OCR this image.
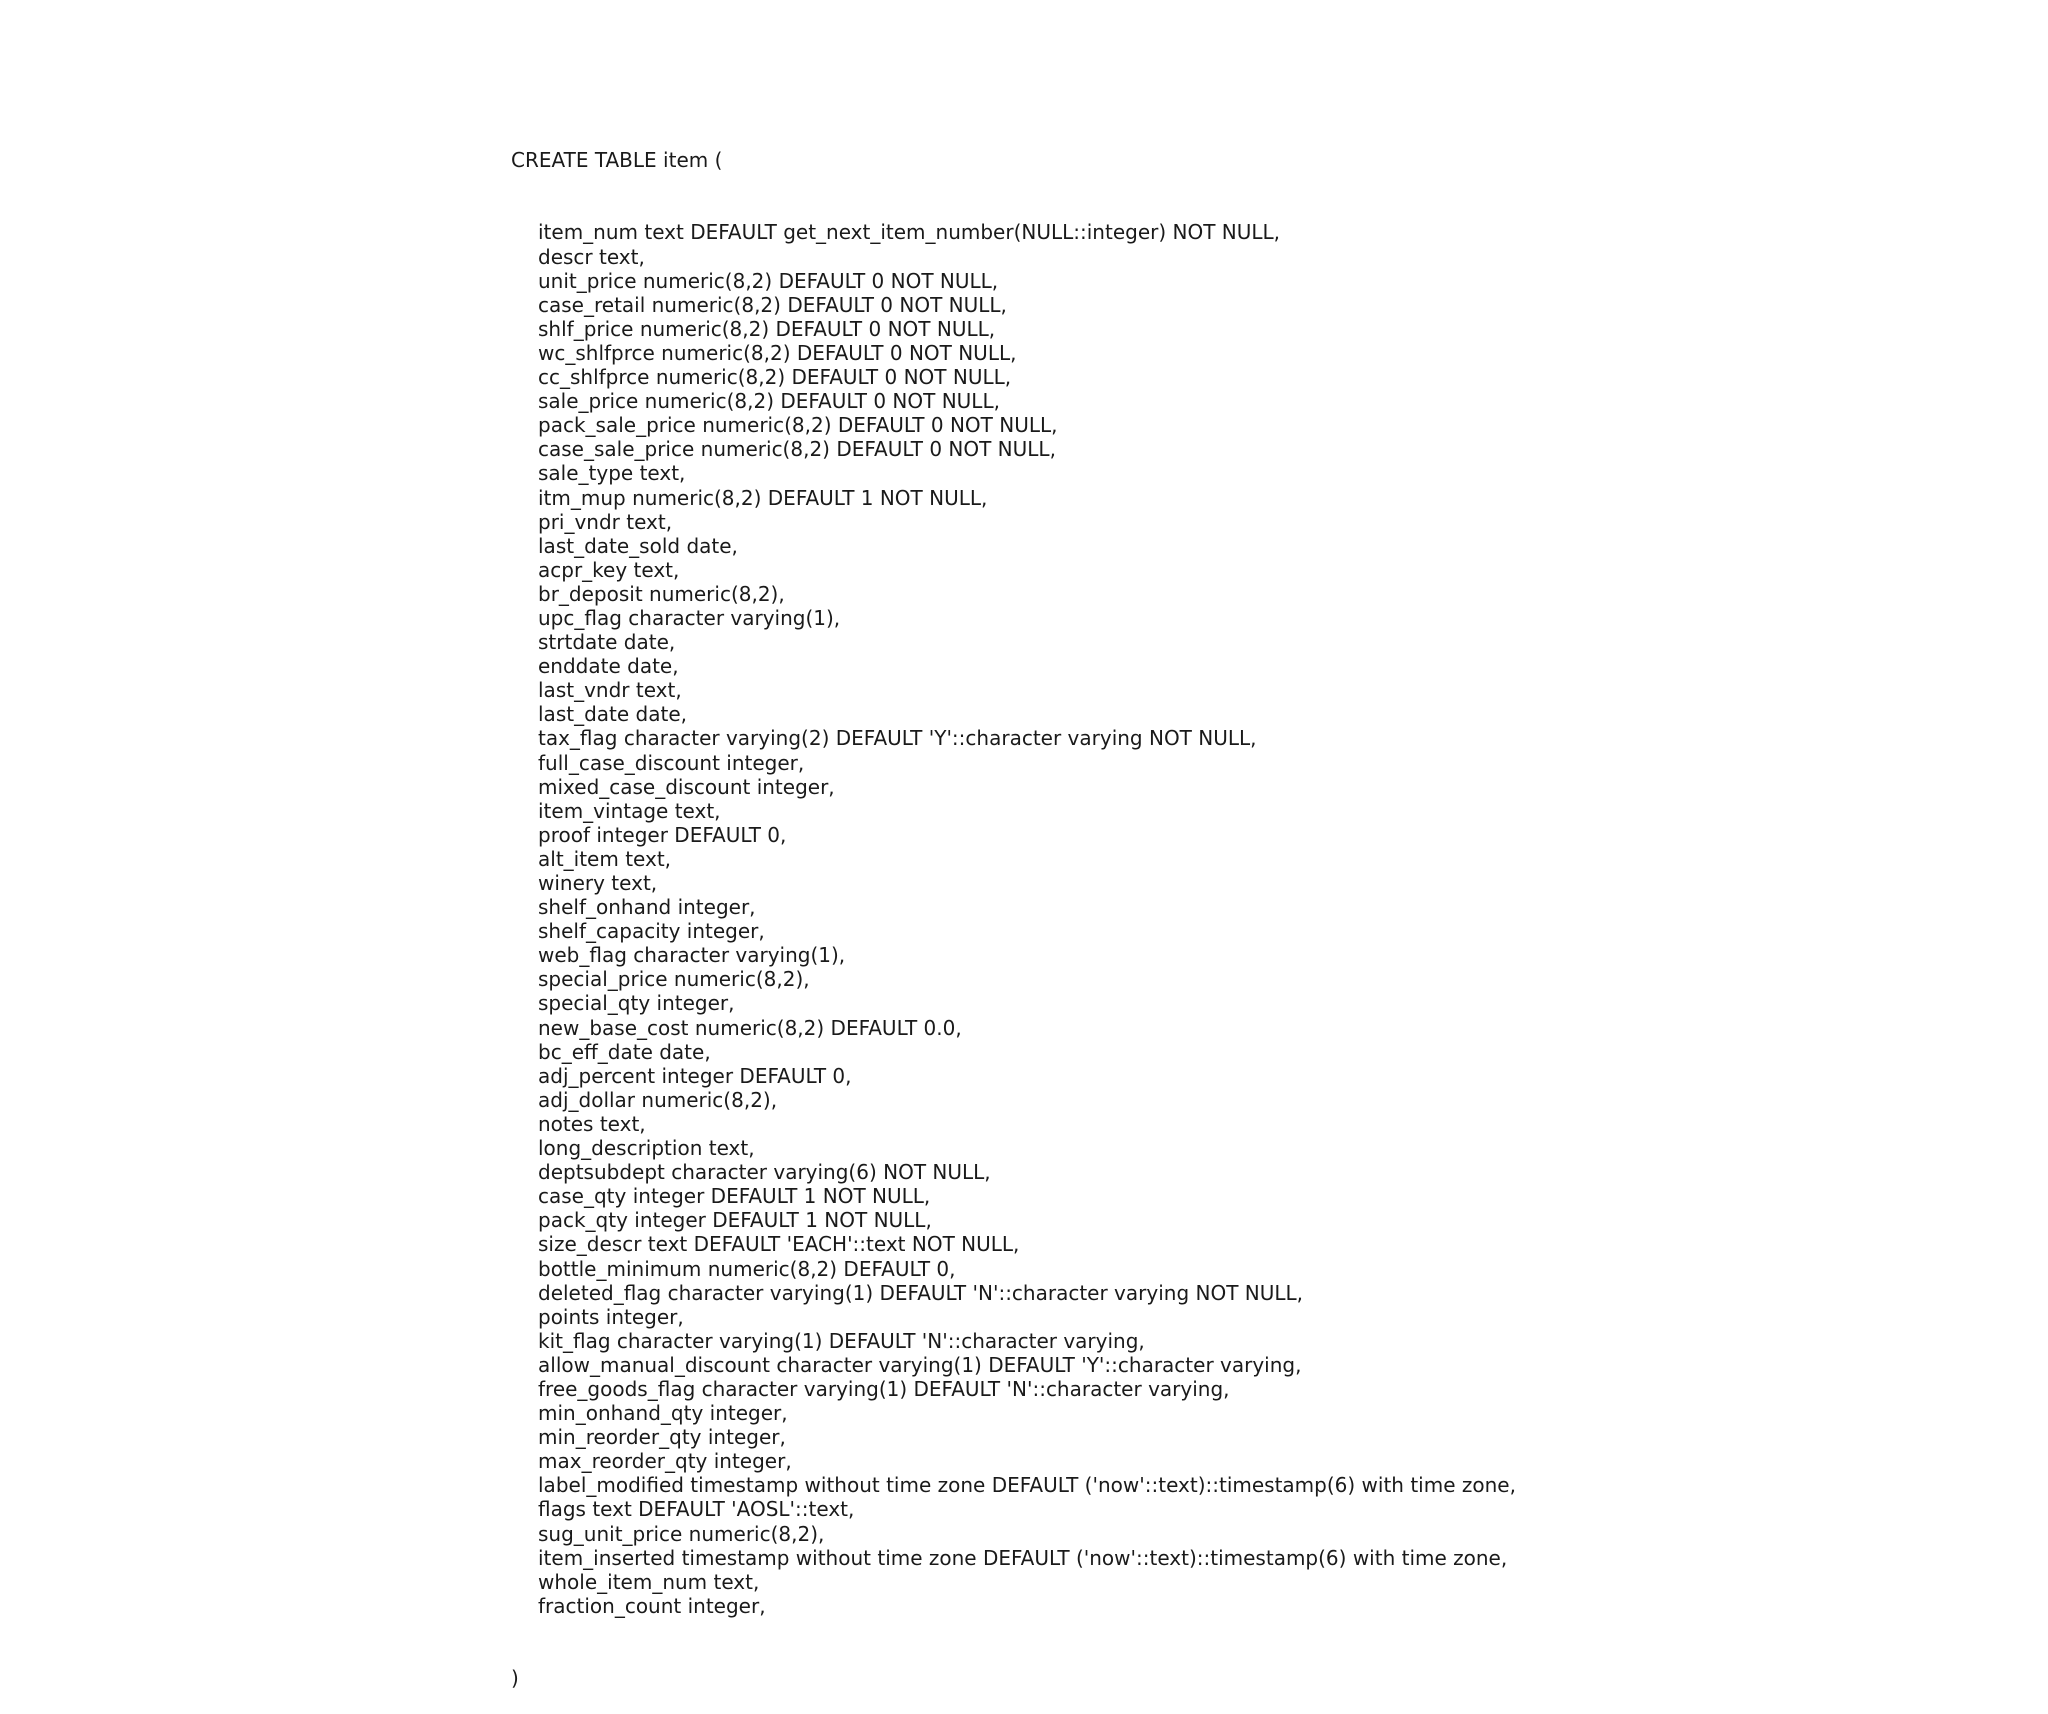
CREATE TABLE item (

item_num text DEFAULT get_next_item_number(NULL::integer) NOT NULL,
descr text,
unit_price numeric(8,2) DEFAULT 0 NOT NULL,
case_retail numeric(8,2) DEFAULT 0 NOT NULL,
shlf_price numeric(8,2) DEFAULT 0 NOT NULL,
wc_shlfprce numeric(8,2) DEFAULT 0 NOT NULL,
cc_shlfprce numeric(8,2) DEFAULT 0 NOT NULL,
sale_price numeric(8,2) DEFAULT 0 NOT NULL,
pack_sale_price numeric(8,2) DEFAULT 0 NOT NULL,
case_sale_price numeric(8,2) DEFAULT 0 NOT NULL,
sale_type text,
itm_mup numeric(8,2) DEFAULT 1 NOT NULL,
pri_vndr text,
last_date_sold date,
acpr_key text,
br_deposit numeric(8,2),
upc_flag character varying(1),
strtdate date,
enddate date,
last_vndr text,
last_date date,
tax_flag character varying(2) DEFAULT 'Y'::character varying NOT NULL,
full_case_discount integer,
mixed_case_discount integer,
item_vintage text,
proof integer DEFAULT 0,
alt_item text,
winery text,
shelf_onhand integer,
shelf_capacity integer,
web_flag character varying(1),
special_price numeric(8,2),
special_qty integer,
new_base_cost numeric(8,2) DEFAULT 0.0,
bc_eff_date date,
adj_percent integer DEFAULT 0,
adj_dollar numeric(8,2),
notes text,
long_description text,
deptsubdept character varying(6) NOT NULL,
case_qty integer DEFAULT 1 NOT NULL,
pack_qty integer DEFAULT 1 NOT NULL,
size_descr text DEFAULT 'EACH'::text NOT NULL,
bottle_minimum numeric(8,2) DEFAULT 0,
deleted_flag character varying(1) DEFAULT 'N'::character varying NOT NULL,
points integer,
kit_flag character varying(1) DEFAULT 'N'::character varying,
allow_manual_discount character varying(1) DEFAULT 'Y'::character varying,
free_goods_flag character varying(1) DEFAULT 'N'::character varying,
min_onhand_qty integer,
min_reorder_qty integer,
max_reorder_qty integer,
label_modified timestamp without time zone DEFAULT ('now'::text)::timestamp(6) with time zone,
flags text DEFAULT 'AOSL'::text,
sug_unit_price numeric(8,2),
item_inserted timestamp without time zone DEFAULT ('now'::text)::timestamp(6) with time zone,
whole_item_num text,
fraction_count integer,

)
